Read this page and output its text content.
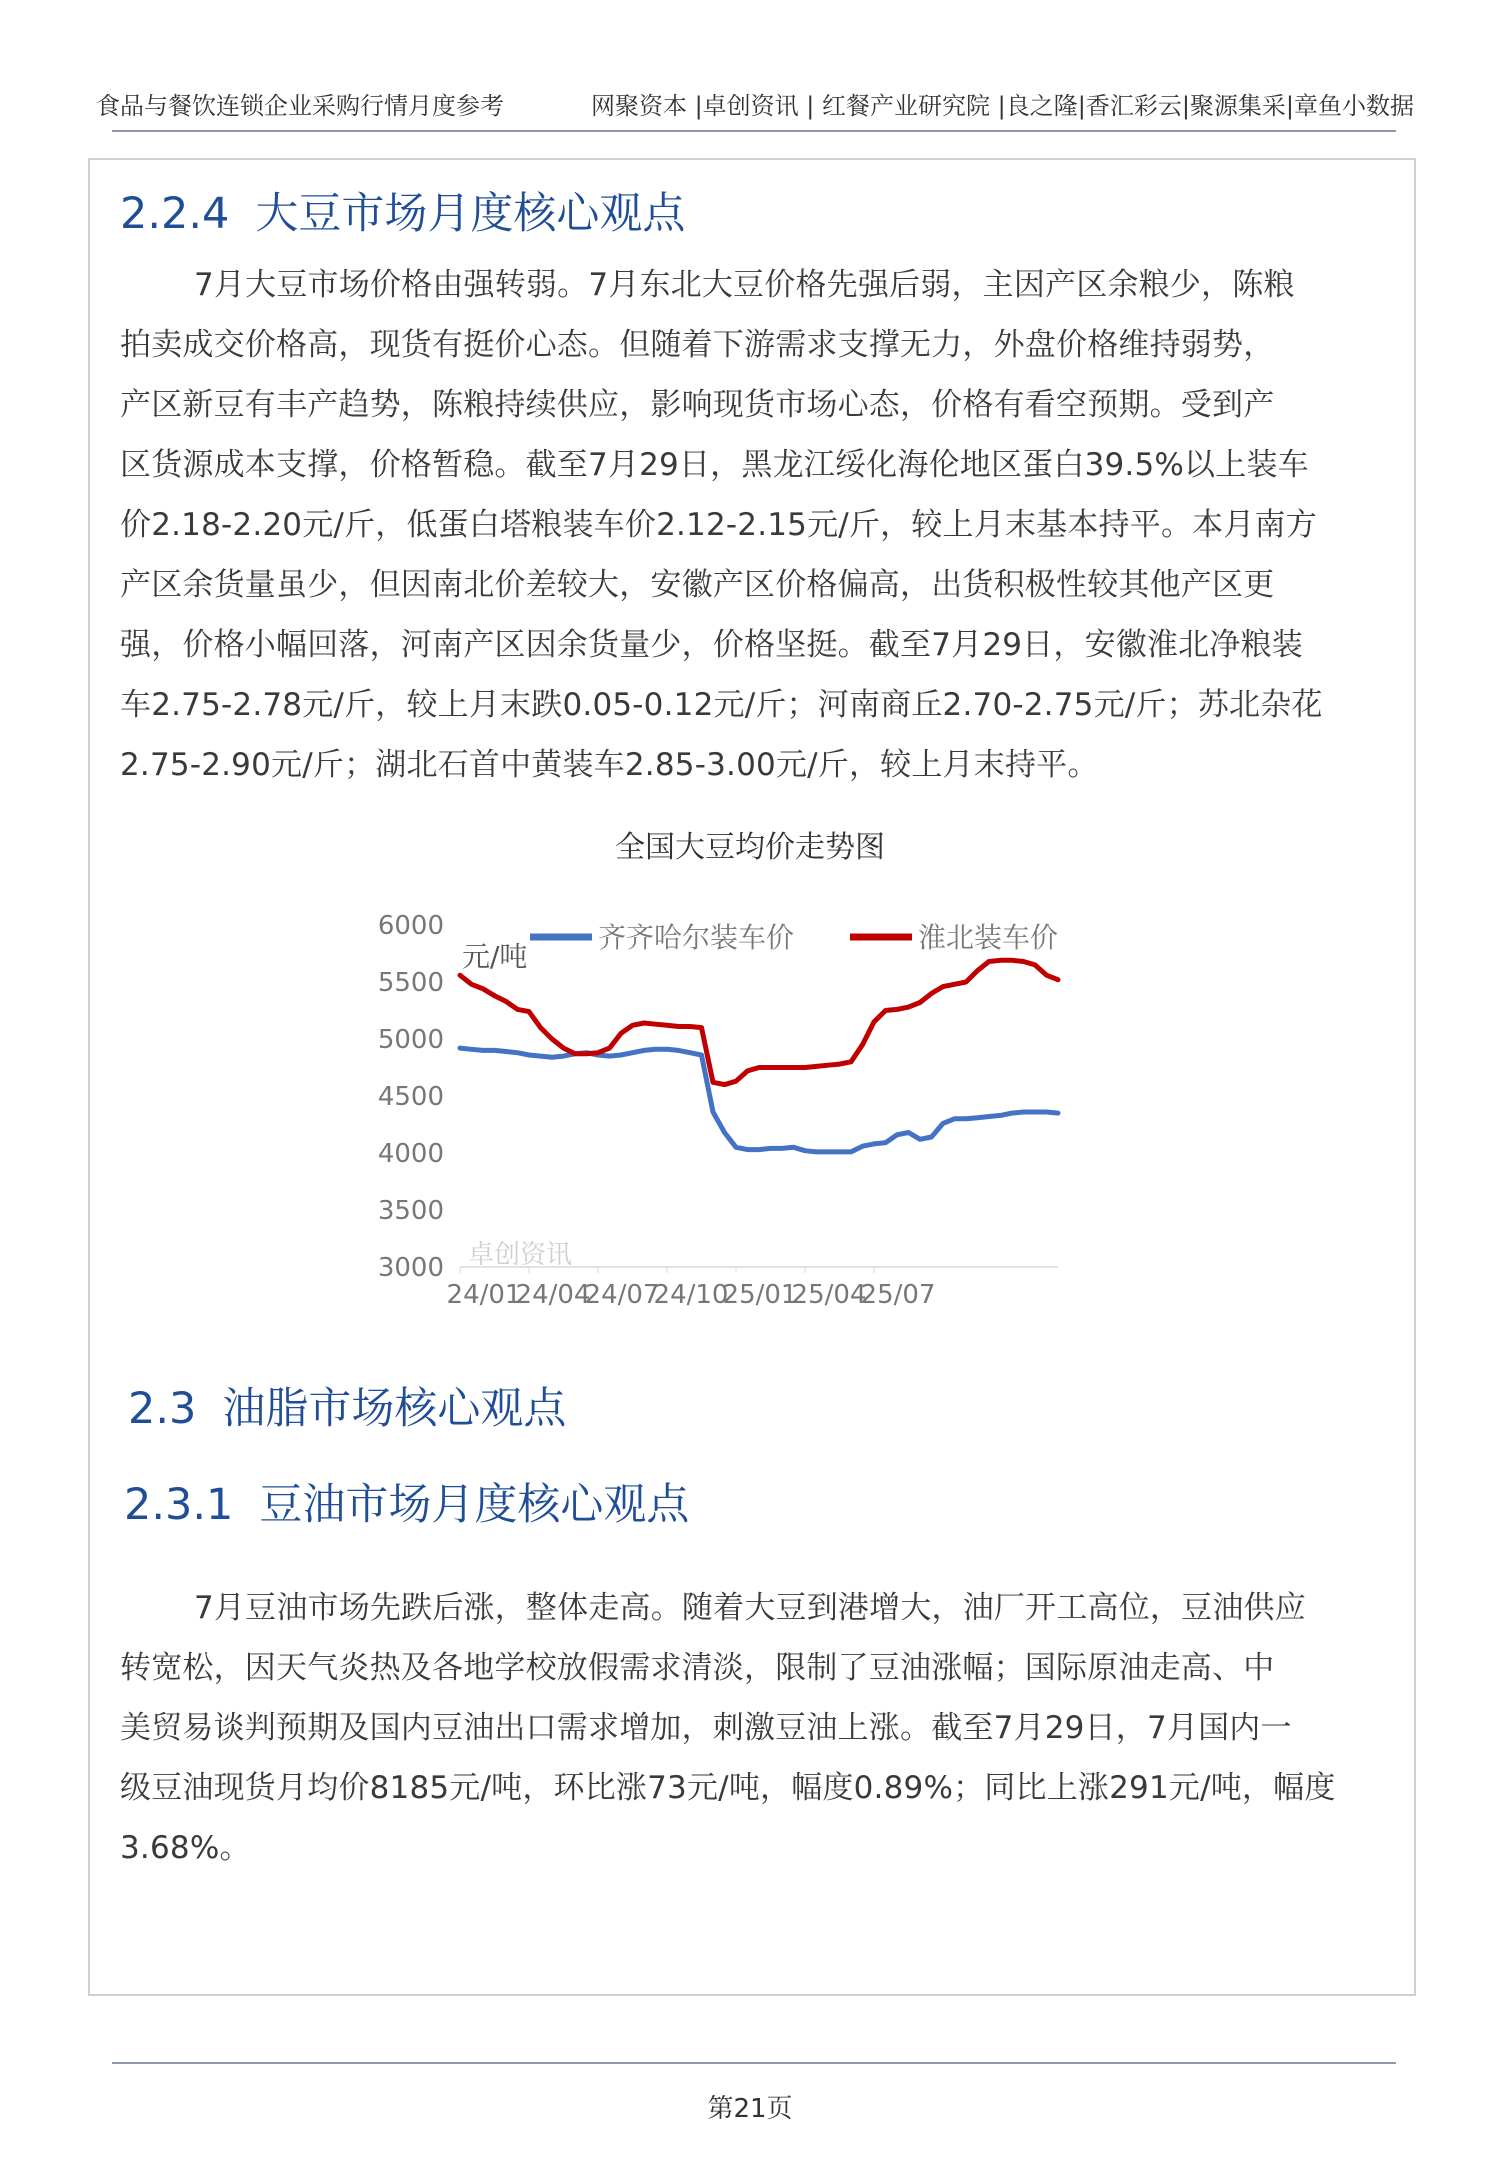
食品与餐饮连锁企业采购行情月度参考	网聚资本 |卓创资讯 | 红餐产业研究院 |良之隆|香汇彩云|聚源集采|章鱼小数据
2.2.4 大豆市场月度核心观点
7月大豆市场价格由强转弱。7月东北大豆价格先强后弱，主因产区余粮少，陈粮
拍卖成交价格高，现货有挺价心态。但随着下游需求支撑无力，外盘价格维持弱势，
产区新豆有丰产趋势，陈粮持续供应，影响现货市场心态，价格有看空预期。受到产
区货源成本支撑，价格暂稳。截至7月29日，黑龙江绥化海伦地区蛋白39.5%以上装车
价2.18-2.20元/斤，低蛋白塔粮装车价2.12-2.15元/斤，较上月末基本持平。本月南方
产区余货量虽少，但因南北价差较大，安徽产区价格偏高，出货积极性较其他产区更
强，价格小幅回落，河南产区因余货量少，价格坚挺。截至7月29日，安徽淮北净粮装
车2.75-2.78元/斤，较上月末跌0.05-0.12元/斤；河南商丘2.70-2.75元/斤；苏北杂花
2.75-2.90元/斤；湖北石首中黄装车2.85-3.00元/斤，较上月末持平。
全国大豆均价走势图
6000
5500
5000
4500
4000
3500
3000
24/01
24/04
24/07
24/10
25/01
25/04
25/07
卓创资讯
元/吨
齐齐哈尔装车价	淮北装车价
2.3 油脂市场核心观点
2.3.1 豆油市场月度核心观点
7月豆油市场先跌后涨，整体走高。随着大豆到港增大，油厂开工高位，豆油供应
转宽松，因天气炎热及各地学校放假需求清淡，限制了豆油涨幅；国际原油走高、中
美贸易谈判预期及国内豆油出口需求增加，刺激豆油上涨。截至7月29日，7月国内一
级豆油现货月均价8185元/吨，环比涨73元/吨，幅度0.89%；同比上涨291元/吨，幅度
3.68%。
第21页
